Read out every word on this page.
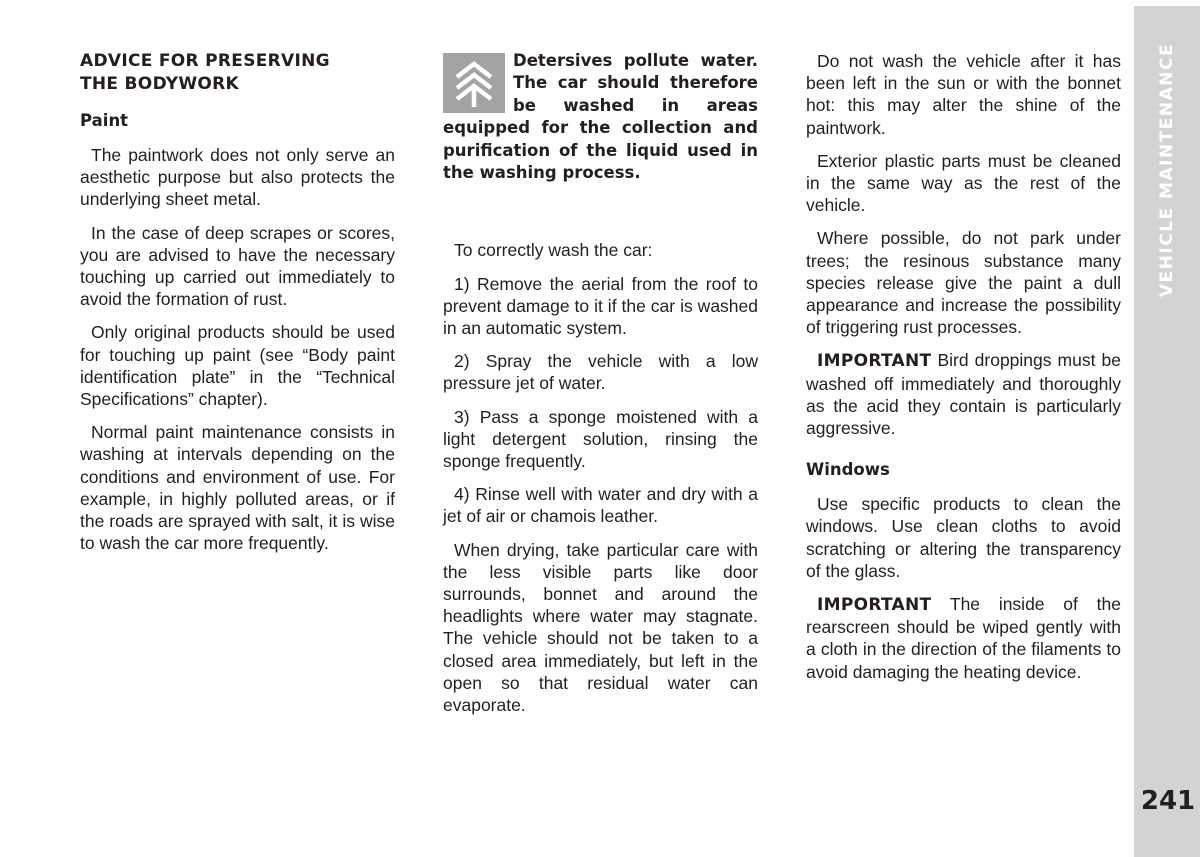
VEHICLE MAINTENANCE
241
ADVICE FOR PRESERVING
THE BODYWORK
Paint

The paintwork does not only serve an aesthetic purpose but also protects the underlying sheet metal.

In the case of deep scrapes or scores, you are advised to have the necessary touching up carried out immediately to avoid the formation of rust.

Only original products should be used for touching up paint (see “Body paint identification plate” in the “Technical Specifications” chapter).

Normal paint maintenance consists in washing at intervals depending on the conditions and environment of use. For example, in highly polluted areas, or if the roads are sprayed with salt, it is wise to wash the car more frequently.

Detersives pollute water. The car should therefore be washed in areas equipped for the collection and purification of the liquid used in the washing process.

To correctly wash the car:

1) Remove the aerial from the roof to prevent damage to it if the car is washed in an automatic system.

2) Spray the vehicle with a low pressure jet of water.

3) Pass a sponge moistened with a light detergent solution, rinsing the sponge frequently.

4) Rinse well with water and dry with a jet of air or chamois leather.

When drying, take particular care with the less visible parts like door surrounds, bonnet and around the headlights where water may stagnate. The vehicle should not be taken to a closed area immediately, but left in the open so that residual water can evaporate.

Do not wash the vehicle after it has been left in the sun or with the bonnet hot: this may alter the shine of the paintwork.

Exterior plastic parts must be cleaned in the same way as the rest of the vehicle.

Where possible, do not park under trees; the resinous substance many species release give the paint a dull appearance and increase the possibility of triggering rust processes.

IMPORTANT Bird droppings must be washed off immediately and thoroughly as the acid they contain is particularly aggressive.

Windows

Use specific products to clean the windows. Use clean cloths to avoid scratching or altering the transparency of the glass.

IMPORTANT The inside of the rearscreen should be wiped gently with a cloth in the direction of the filaments to avoid damaging the heating device.
